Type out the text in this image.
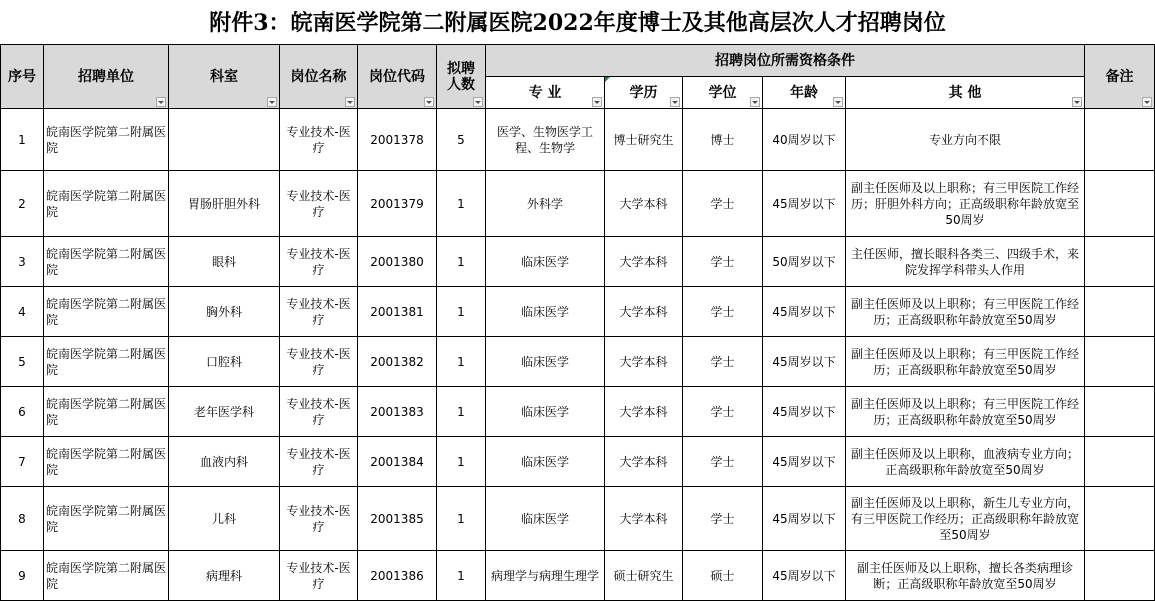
附件3：皖南医学院第二附属医院2022年度博士及其他高层次人才招聘岗位
序号	招聘单位	科室	岗位名称	岗位代码	拟聘人数	招聘岗位所需资格条件					备注

						专 业	学历	学位	年龄	其 他	

1	皖南医学院第二附属医院		专业技术-医疗	2001378	5	医学、生物医学工程、生物学	博士研究生	博士	40周岁以下	专业方向不限	
2	皖南医学院第二附属医院	胃肠肝胆外科	专业技术-医疗	2001379	1	外科学	大学本科	学士	45周岁以下	副主任医师及以上职称；有三甲医院工作经历；肝胆外科方向；正高级职称年龄放宽至50周岁	
3	皖南医学院第二附属医院	眼科	专业技术-医疗	2001380	1	临床医学	大学本科	学士	50周岁以下	主任医师，擅长眼科各类三、四级手术，来院发挥学科带头人作用	
4	皖南医学院第二附属医院	胸外科	专业技术-医疗	2001381	1	临床医学	大学本科	学士	45周岁以下	副主任医师及以上职称；有三甲医院工作经历；正高级职称年龄放宽至50周岁	
5	皖南医学院第二附属医院	口腔科	专业技术-医疗	2001382	1	临床医学	大学本科	学士	45周岁以下	副主任医师及以上职称；有三甲医院工作经历；正高级职称年龄放宽至50周岁	
6	皖南医学院第二附属医院	老年医学科	专业技术-医疗	2001383	1	临床医学	大学本科	学士	45周岁以下	副主任医师及以上职称；有三甲医院工作经历；正高级职称年龄放宽至50周岁	
7	皖南医学院第二附属医院	血液内科	专业技术-医疗	2001384	1	临床医学	大学本科	学士	45周岁以下	副主任医师及以上职称，血液病专业方向；正高级职称年龄放宽至50周岁	
8	皖南医学院第二附属医院	儿科	专业技术-医疗	2001385	1	临床医学	大学本科	学士	45周岁以下	副主任医师及以上职称，新生儿专业方向，有三甲医院工作经历；正高级职称年龄放宽至50周岁	
9	皖南医学院第二附属医院	病理科	专业技术-医疗	2001386	1	病理学与病理生理学	硕士研究生	硕士	45周岁以下	副主任医师及以上职称，擅长各类病理诊断；正高级职称年龄放宽至50周岁	
